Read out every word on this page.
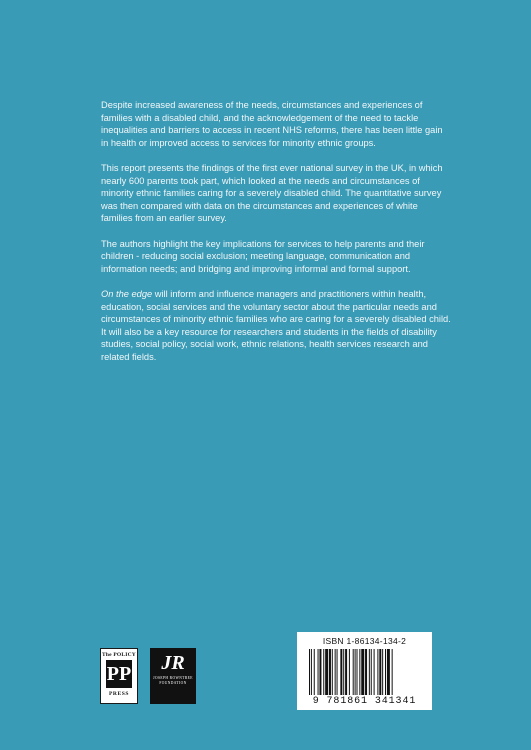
Despite increased awareness of the needs, circumstances and experiences of families with a disabled child, and the acknowledgement of the need to tackle inequalities and barriers to access in recent NHS reforms, there has been little gain in health or improved access to services for minority ethnic groups.

This report presents the findings of the first ever national survey in the UK, in which nearly 600 parents took part, which looked at the needs and circumstances of minority ethnic families caring for a severely disabled child. The quantitative survey was then compared with data on the circumstances and experiences of white families from an earlier survey.

The authors highlight the key implications for services to help parents and their children - reducing social exclusion; meeting language, communication and information needs; and bridging and improving informal and formal support.

On the edge will inform and influence managers and practitioners within health, education, social services and the voluntary sector about the particular needs and circumstances of minority ethnic families who are caring for a severely disabled child. It will also be a key resource for researchers and students in the fields of disability studies, social policy, social work, ethnic relations, health services research and related fields.

The POLICY
PP
PRESS
JR
JOSEPH ROWNTREE FOUNDATION
ISBN 1-86134-134-2
9 781861 341341
